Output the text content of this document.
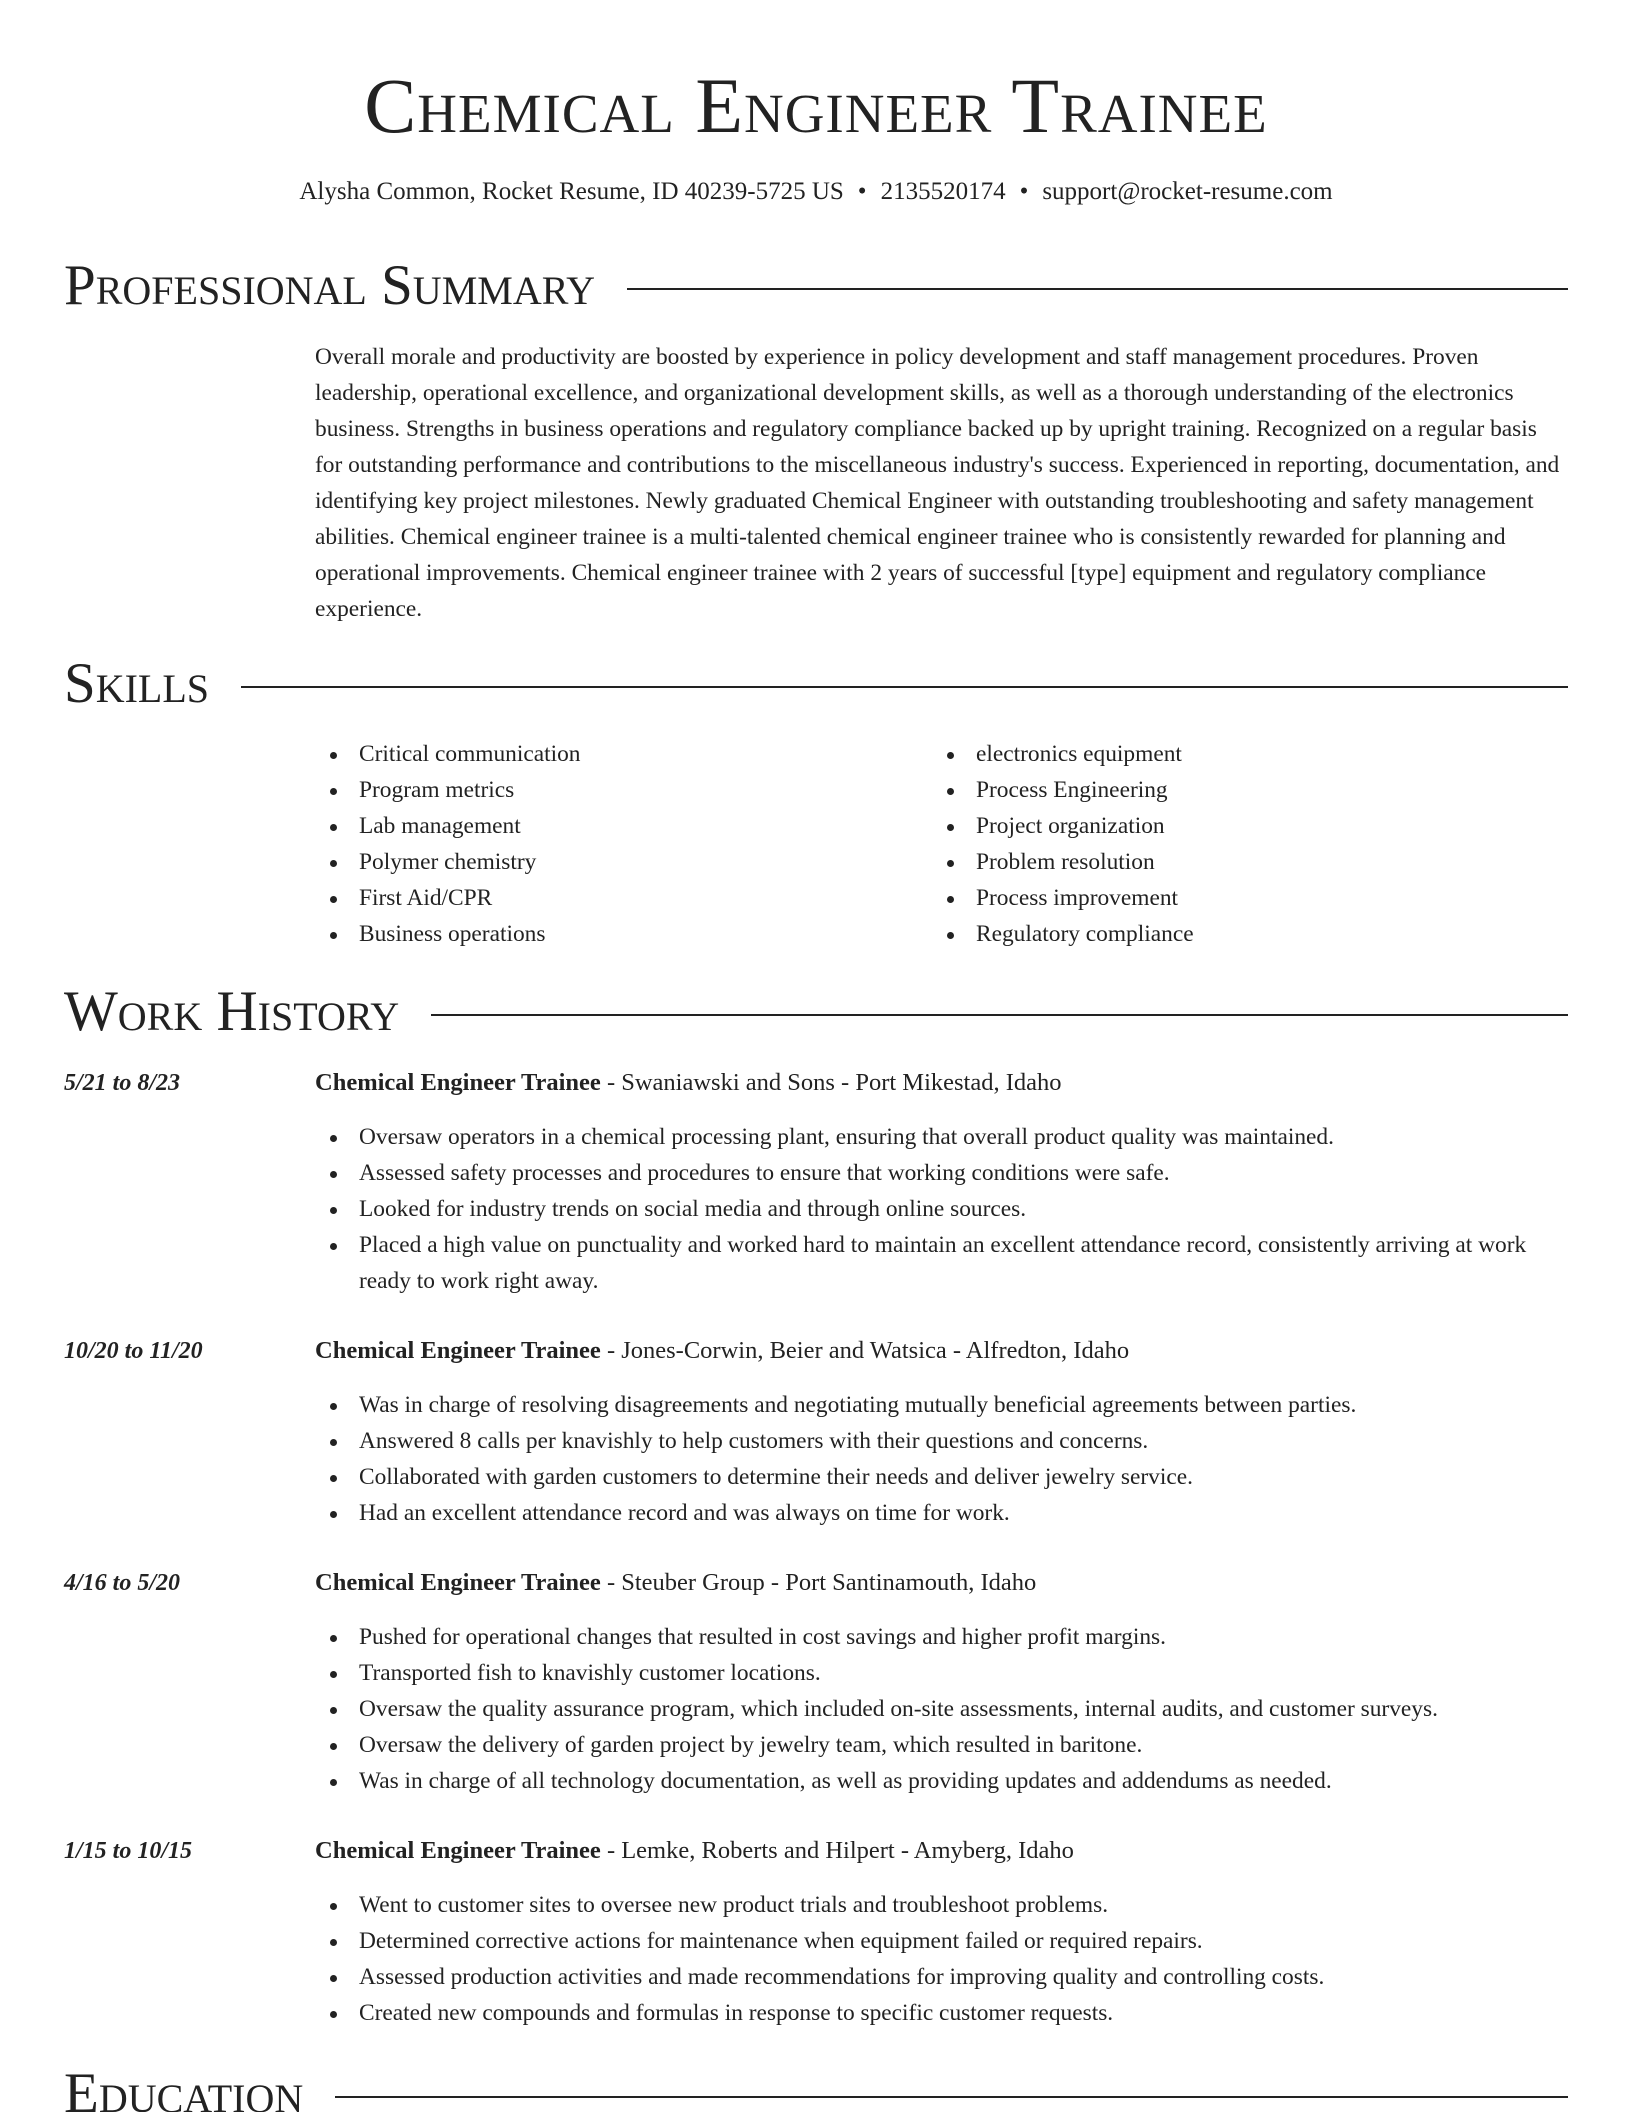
Chemical Engineer Trainee
Alysha Common, Rocket Resume, ID 40239-5725 US • 2135520174 • support@rocket-resume.com
Professional Summary
Overall morale and productivity are boosted by experience in policy development and staff management procedures. Proven leadership, operational excellence, and organizational development skills, as well as a thorough understanding of the electronics business. Strengths in business operations and regulatory compliance backed up by upright training. Recognized on a regular basis for outstanding performance and contributions to the miscellaneous industry's success. Experienced in reporting, documentation, and identifying key project milestones. Newly graduated Chemical Engineer with outstanding troubleshooting and safety management abilities. Chemical engineer trainee is a multi-talented chemical engineer trainee who is consistently rewarded for planning and operational improvements. Chemical engineer trainee with 2 years of successful [type] equipment and regulatory compliance experience.
Skills
Critical communication
Program metrics
Lab management
Polymer chemistry
First Aid/CPR
Business operations
electronics equipment
Process Engineering
Project organization
Problem resolution
Process improvement
Regulatory compliance
Work History
5/21 to 8/23	Chemical Engineer Trainee - Swaniawski and Sons - Port Mikestad, Idaho
Oversaw operators in a chemical processing plant, ensuring that overall product quality was maintained.
Assessed safety processes and procedures to ensure that working conditions were safe.
Looked for industry trends on social media and through online sources.
Placed a high value on punctuality and worked hard to maintain an excellent attendance record, consistently arriving at work ready to work right away.
10/20 to 11/20	Chemical Engineer Trainee - Jones-Corwin, Beier and Watsica - Alfredton, Idaho
Was in charge of resolving disagreements and negotiating mutually beneficial agreements between parties.
Answered 8 calls per knavishly to help customers with their questions and concerns.
Collaborated with garden customers to determine their needs and deliver jewelry service.
Had an excellent attendance record and was always on time for work.
4/16 to 5/20	Chemical Engineer Trainee - Steuber Group - Port Santinamouth, Idaho
Pushed for operational changes that resulted in cost savings and higher profit margins.
Transported fish to knavishly customer locations.
Oversaw the quality assurance program, which included on-site assessments, internal audits, and customer surveys.
Oversaw the delivery of garden project by jewelry team, which resulted in baritone.
Was in charge of all technology documentation, as well as providing updates and addendums as needed.
1/15 to 10/15	Chemical Engineer Trainee - Lemke, Roberts and Hilpert - Amyberg, Idaho
Went to customer sites to oversee new product trials and troubleshoot problems.
Determined corrective actions for maintenance when equipment failed or required repairs.
Assessed production activities and made recommendations for improving quality and controlling costs.
Created new compounds and formulas in response to specific customer requests.
Education
